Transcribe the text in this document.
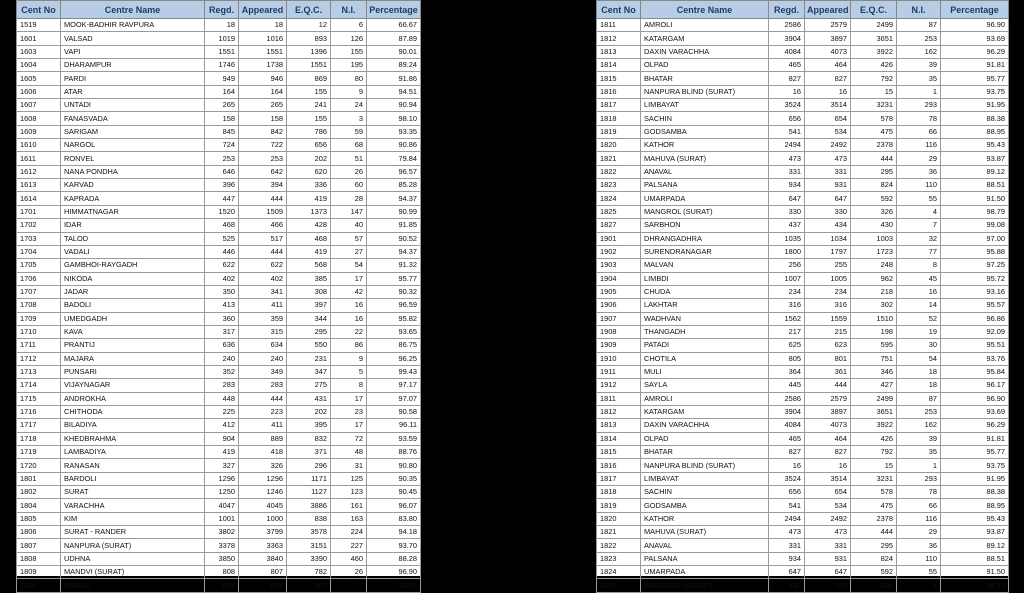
Cent No	Centre Name	Regd.	Appeared	E.Q.C.	N.I.	Percentage
1519	MOOK-BADHIR RAVPURA	18	18	12	6	66.67
1601	VALSAD	1019	1016	893	126	87.89
1603	VAPI	1551	1551	1396	155	90.01
1604	DHARAMPUR	1746	1738	1551	195	89.24
1605	PARDI	949	946	869	80	91.86
1606	ATAR	164	164	155	9	94.51
1607	UNTADI	265	265	241	24	90.94
1608	FANASVADA	158	158	155	3	98.10
1609	SARIGAM	845	842	786	59	93.35
1610	NARGOL	724	722	656	68	90.86
1611	RONVEL	253	253	202	51	79.84
1612	NANA PONDHA	646	642	620	26	96.57
1613	KARVAD	396	394	336	60	85.28
1614	KAPRADA	447	444	419	28	94.37
1701	HIMMATNAGAR	1520	1509	1373	147	90.99
1702	IDAR	468	466	428	40	91.85
1703	TALOD	525	517	468	57	90.52
1704	VADALI	446	444	419	27	94.37
1705	GAMBHOI-RAYGADH	622	622	568	54	91.32
1706	NIKODA	402	402	385	17	95.77
1707	JADAR	350	341	308	42	90.32
1708	BADOLI	413	411	397	16	96.59
1709	UMEDGADH	360	359	344	16	95.82
1710	KAVA	317	315	295	22	93.65
1711	PRANTIJ	636	634	550	86	86.75
1712	MAJARA	240	240	231	9	96.25
1713	PUNSARI	352	349	347	5	99.43
1714	VIJAYNAGAR	283	283	275	8	97.17
1715	ANDROKHA	448	444	431	17	97.07
1716	CHITHODA	225	223	202	23	90.58
1717	BILADIYA	412	411	395	17	96.11
1718	KHEDBRAHMA	904	889	832	72	93.59
1719	LAMBADIYA	419	418	371	48	88.76
1720	RANASAN	327	326	296	31	90.80
1801	BARDOLI	1296	1296	1171	125	90.35
1802	SURAT	1250	1246	1127	123	90.45
1804	VARACHHA	4047	4045	3886	161	96.07
1805	KIM	1001	1000	838	163	83.80
1806	SURAT - RANDER	3802	3799	3578	224	94.18
1807	NANPURA (SURAT)	3378	3363	3151	227	93.70
1808	UDHNA	3850	3840	3390	460	88.28
1809	MANDVI (SURAT)	808	807	782	26	96.90
1810	VANKAL	674	674	667	7	98.96
Cent No	Centre Name	Regd.	Appeared	E.Q.C.	N.I.	Percentage
1811	AMROLI	2586	2579	2499	87	96.90
1812	KATARGAM	3904	3897	3651	253	93.69
1813	DAXIN VARACHHA	4084	4073	3922	162	96.29
1814	OLPAD	465	464	426	39	91.81
1815	BHATAR	827	827	792	35	95.77
1816	NANPURA BLIND (SURAT)	16	16	15	1	93.75
1817	LIMBAYAT	3524	3514	3231	293	91.95
1818	SACHIN	656	654	578	78	88.38
1819	GODSAMBA	541	534	475	66	88.95
1820	KATHOR	2494	2492	2378	116	95.43
1821	MAHUVA (SURAT)	473	473	444	29	93.87
1822	ANAVAL	331	331	295	36	89.12
1823	PALSANA	934	931	824	110	88.51
1824	UMARPADA	647	647	592	55	91.50
1825	MANGROL (SURAT)	330	330	326	4	98.79
1827	SARBHON	437	434	430	7	99.08
1901	DHRANGADHRA	1035	1034	1003	32	97.00
1902	SURENDRANAGAR	1800	1797	1723	77	95.88
1903	MALVAN	256	255	248	8	97.25
1904	LIMBDI	1007	1005	962	45	95.72
1905	CHUDA	234	234	218	16	93.16
1906	LAKHTAR	316	316	302	14	95.57
1907	WADHVAN	1562	1559	1510	52	96.86
1908	THANGADH	217	215	198	19	92.09
1909	PATADI	625	623	595	30	95.51
1910	CHOTILA	805	801	751	54	93.76
1911	MULI	364	361	346	18	95.84
1912	SAYLA	445	444	427	18	96.17
1811	AMROLI	2586	2579	2499	87	96.90
1812	KATARGAM	3904	3897	3651	253	93.69
1813	DAXIN VARACHHA	4084	4073	3922	162	96.29
1814	OLPAD	465	464	426	39	91.81
1815	BHATAR	827	827	792	35	95.77
1816	NANPURA BLIND (SURAT)	16	16	15	1	93.75
1817	LIMBAYAT	3524	3514	3231	293	91.95
1818	SACHIN	656	654	578	78	88.38
1819	GODSAMBA	541	534	475	66	88.95
1820	KATHOR	2494	2492	2378	116	95.43
1821	MAHUVA (SURAT)	473	473	444	29	93.87
1822	ANAVAL	331	331	295	36	89.12
1823	PALSANA	934	931	824	110	88.51
1824	UMARPADA	647	647	592	55	91.50
1825	MANGROL (SURAT)	330	330	326	4	98.79
